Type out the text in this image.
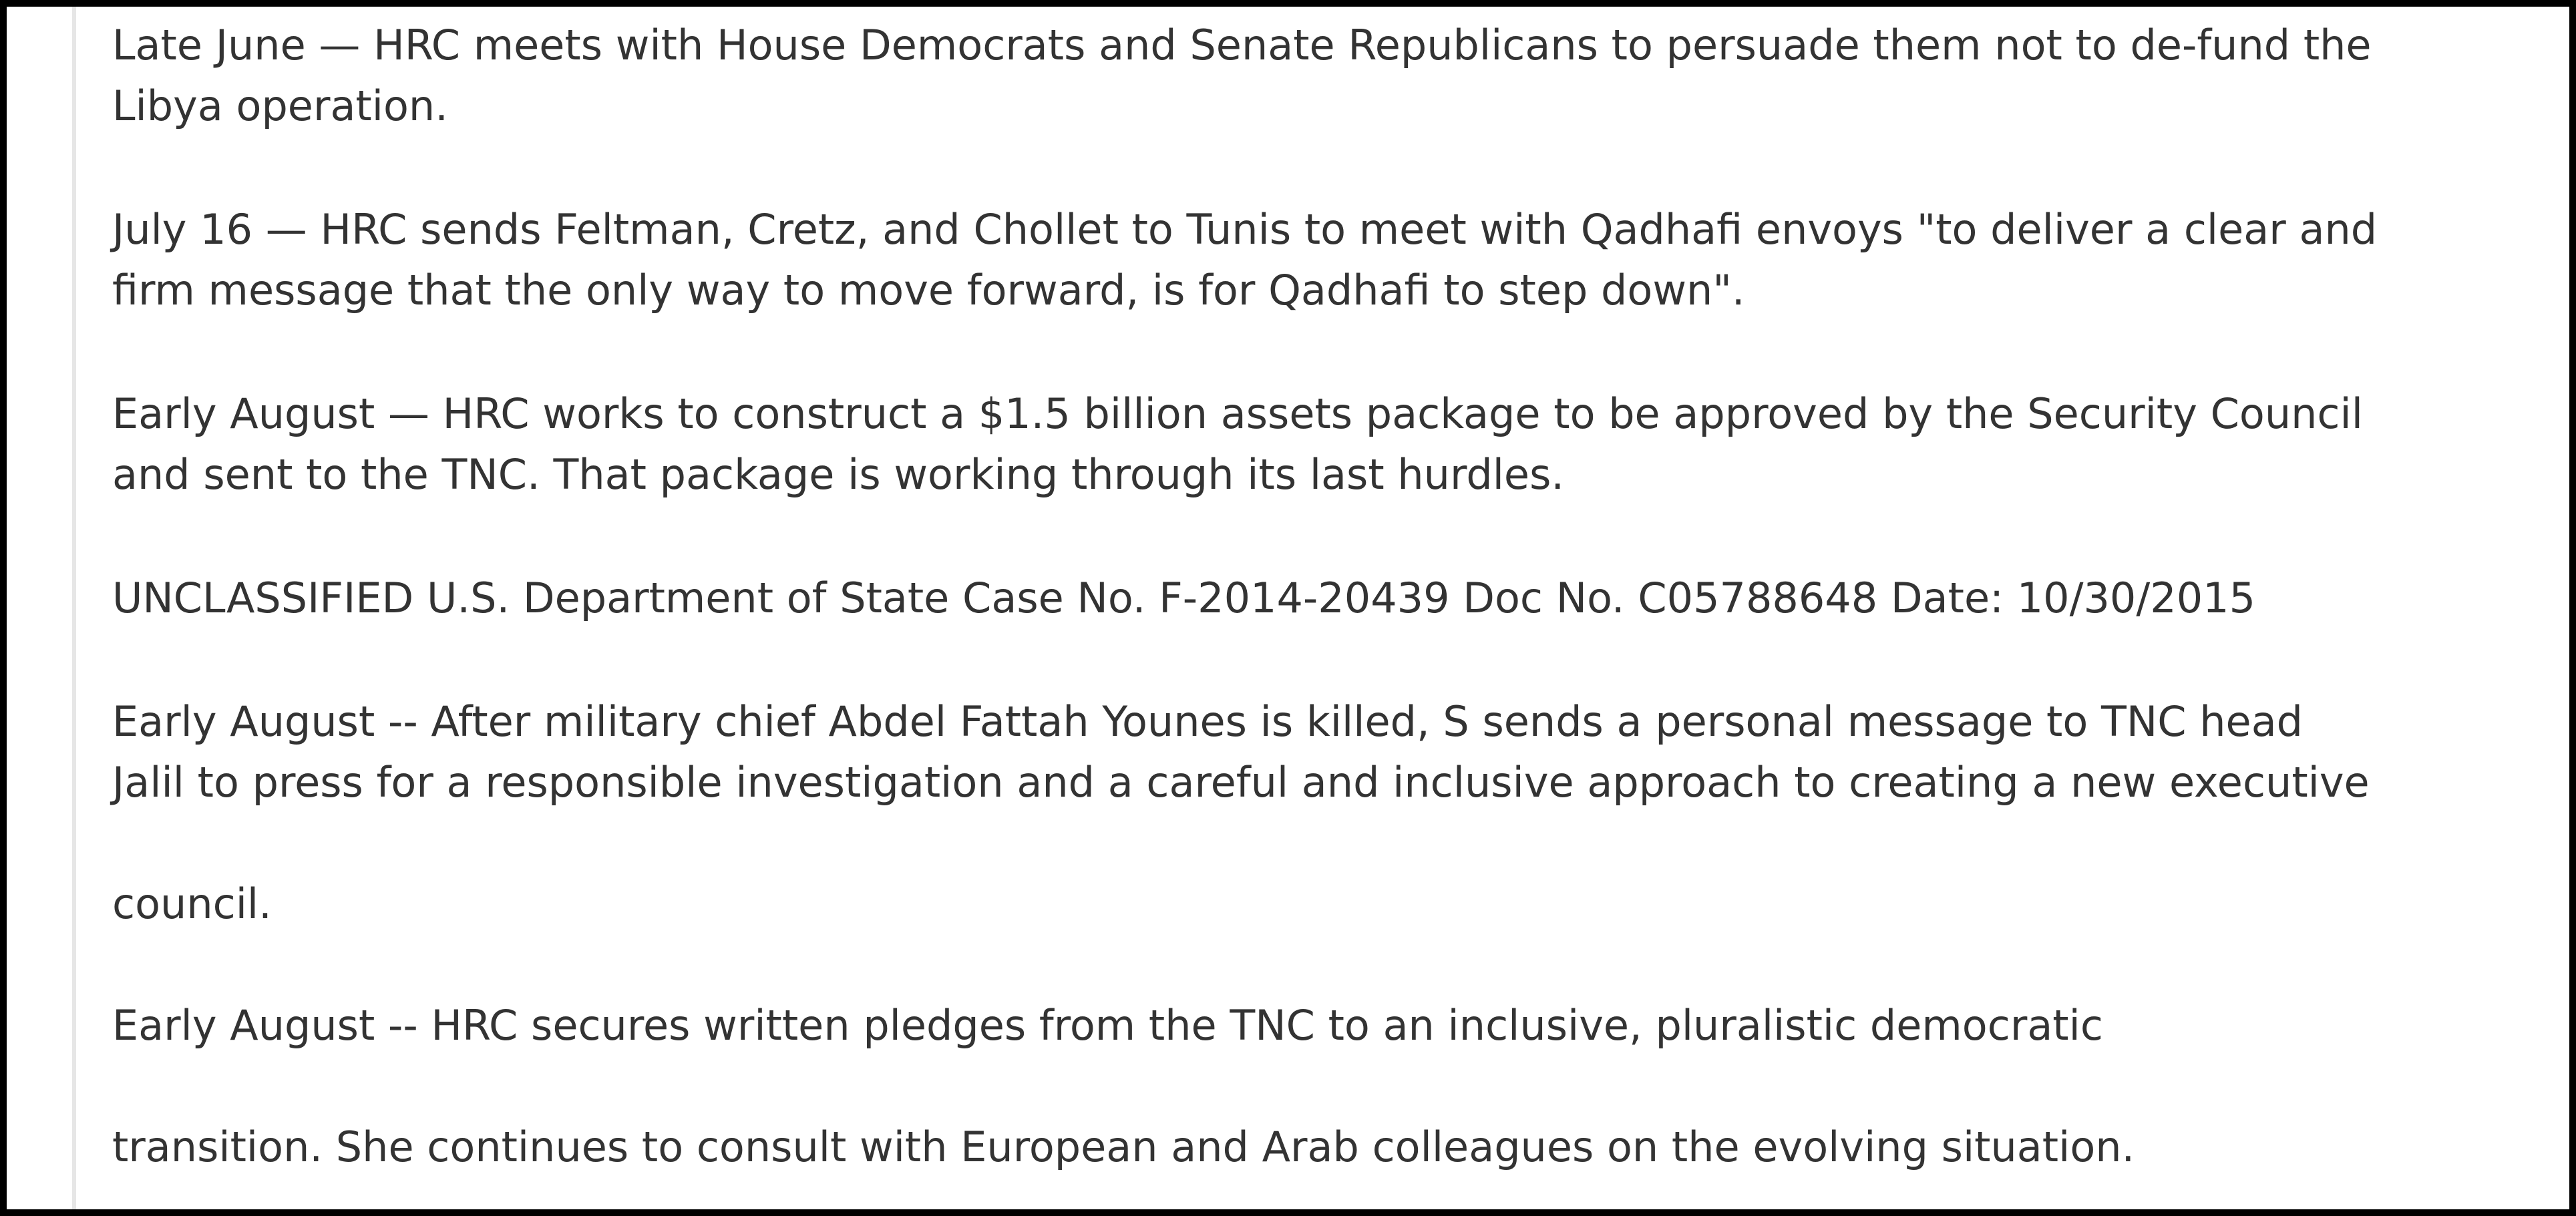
Late June — HRC meets with House Democrats and Senate Republicans to persuade them not to de-fund the
Libya operation.

July 16 — HRC sends Feltman, Cretz, and Chollet to Tunis to meet with Qadhafi envoys "to deliver a clear and
firm message that the only way to move forward, is for Qadhafi to step down".

Early August — HRC works to construct a $1.5 billion assets package to be approved by the Security Council
and sent to the TNC. That package is working through its last hurdles.

UNCLASSIFIED U.S. Department of State Case No. F-2014-20439 Doc No. C05788648 Date: 10/30/2015

Early August -- After military chief Abdel Fattah Younes is killed, S sends a personal message to TNC head
Jalil to press for a responsible investigation and a careful and inclusive approach to creating a new executive

council.

Early August -- HRC secures written pledges from the TNC to an inclusive, pluralistic democratic

transition. She continues to consult with European and Arab colleagues on the evolving situation.
